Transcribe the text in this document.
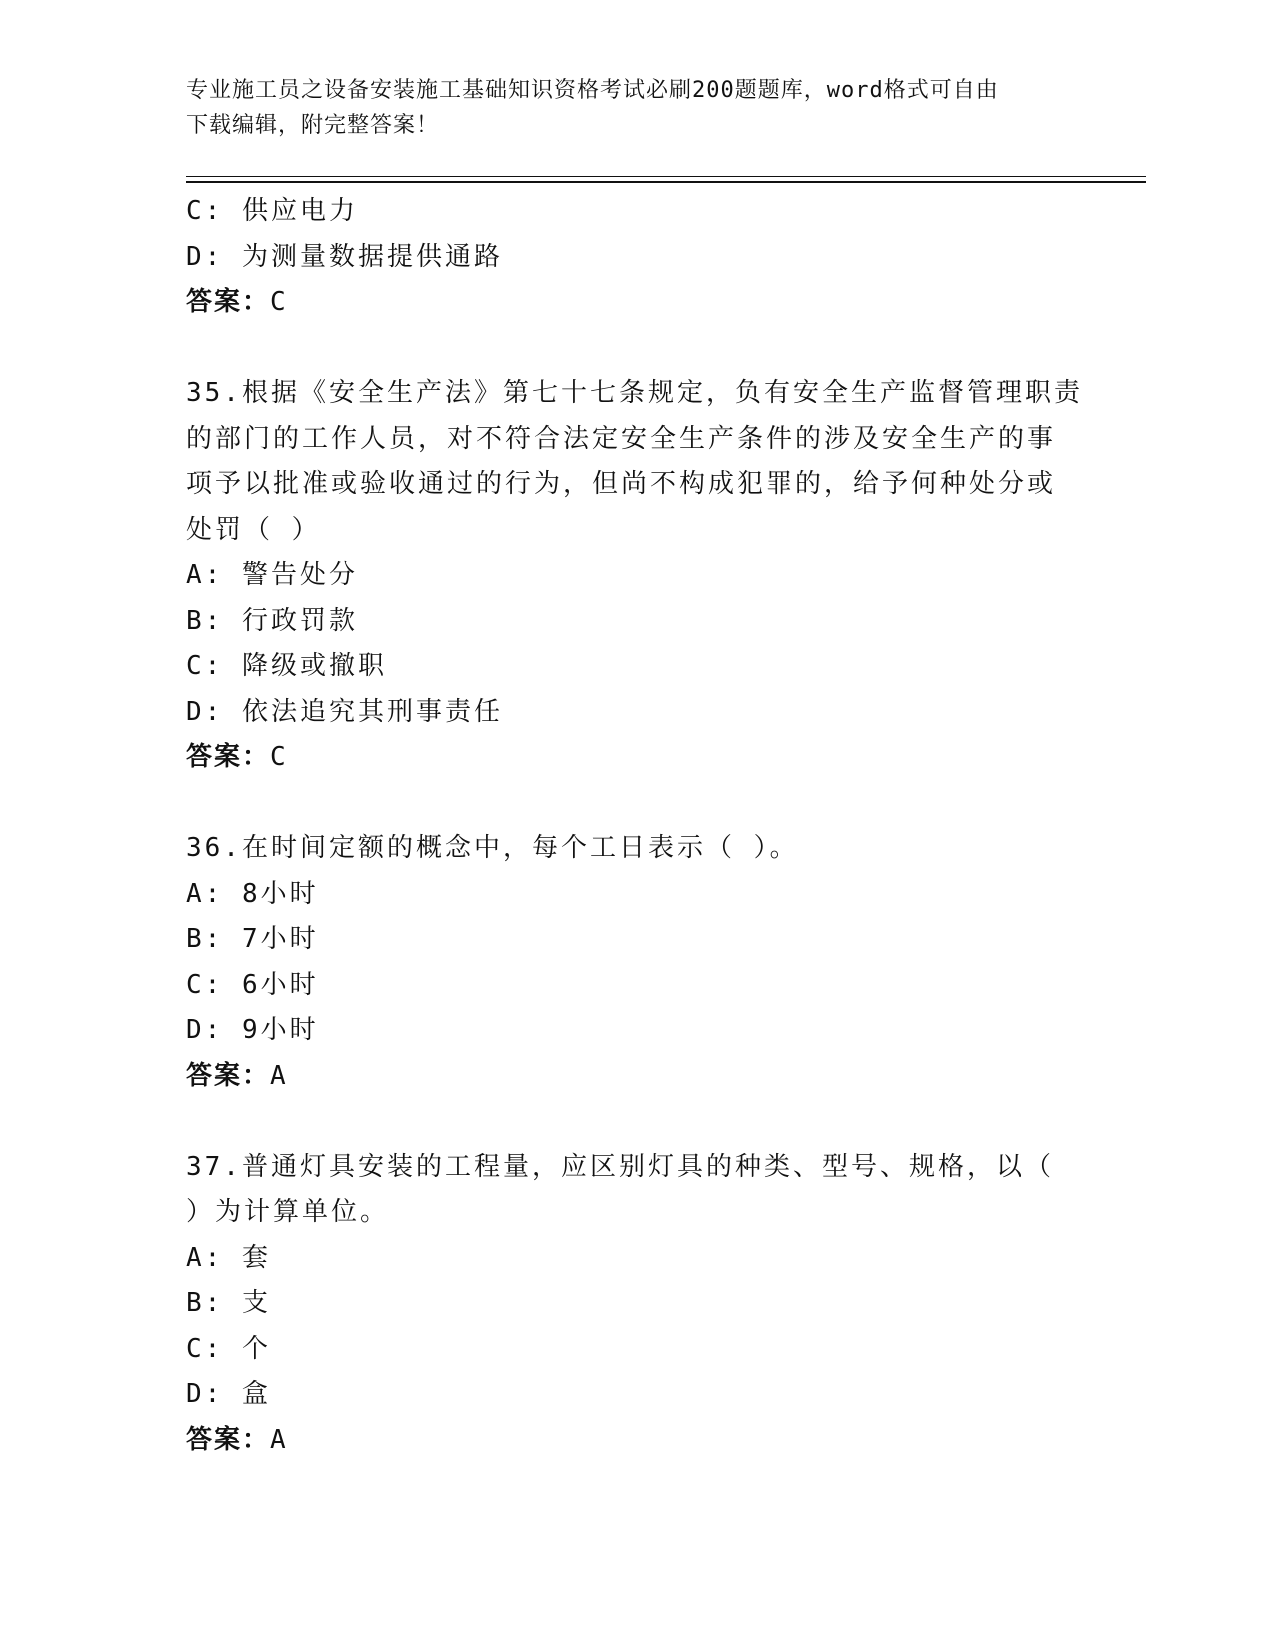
专业施工员之设备安装施工基础知识资格考试必刷200题题库，word格式可自由
下载编辑，附完整答案！
C: 供应电力
D: 为测量数据提供通路
答案：C
35.根据《安全生产法》第七十七条规定，负有安全生产监督管理职责
的部门的工作人员，对不符合法定安全生产条件的涉及安全生产的事
项予以批准或验收通过的行为，但尚不构成犯罪的，给予何种处分或
处罚（ ）
A: 警告处分
B: 行政罚款
C: 降级或撤职
D: 依法追究其刑事责任
答案：C
36.在时间定额的概念中，每个工日表示（ ）。
A: 8小时
B: 7小时
C: 6小时
D: 9小时
答案：A
37.普通灯具安装的工程量，应区别灯具的种类、型号、规格，以（
）为计算单位。
A: 套
B: 支
C: 个
D: 盒
答案：A
